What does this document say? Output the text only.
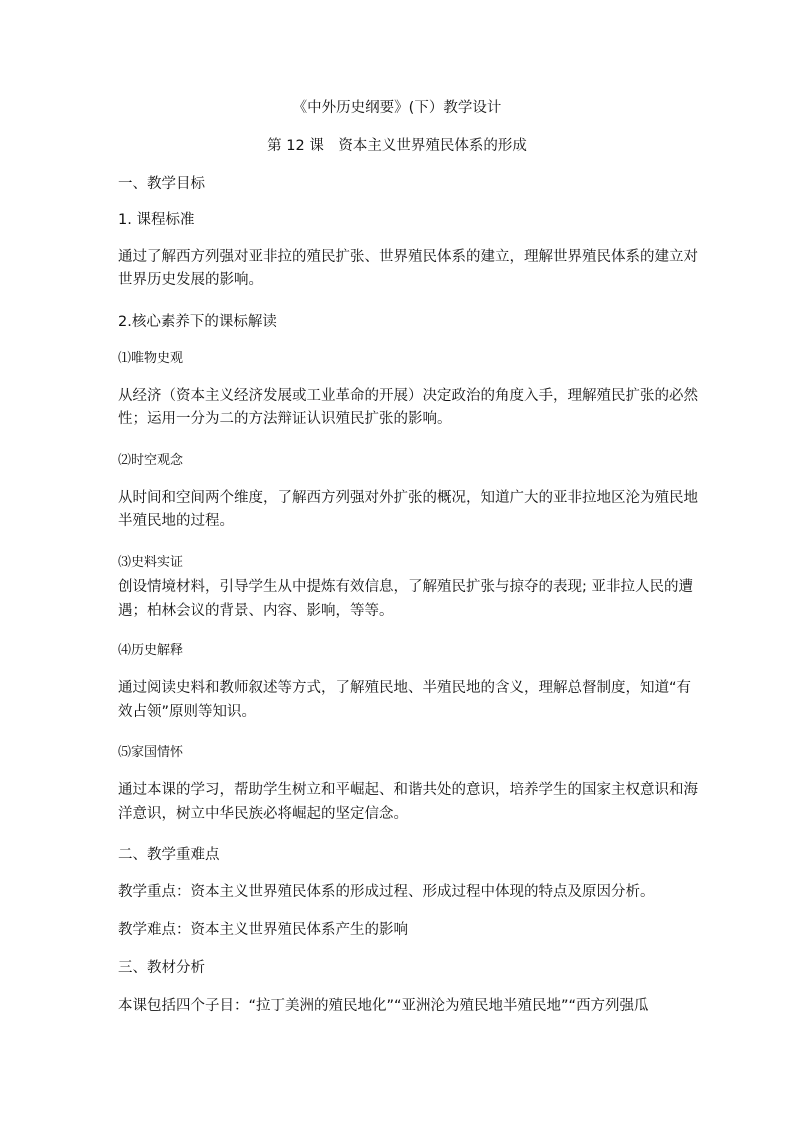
《中外历史纲要》(下）教学设计
第 12 课　资本主义世界殖民体系的形成
一、教学目标
1. 课程标准
通过了解西方列强对亚非拉的殖民扩张、世界殖民体系的建立，理解世界殖民体系的建立对
世界历史发展的影响。
2.核心素养下的课标解读
⑴唯物史观
从经济（资本主义经济发展或工业革命的开展）决定政治的角度入手，理解殖民扩张的必然
性；运用一分为二的方法辩证认识殖民扩张的影响。
⑵时空观念
从时间和空间两个维度，了解西方列强对外扩张的概况，知道广大的亚非拉地区沦为殖民地
半殖民地的过程。
⑶史料实证
创设情境材料，引导学生从中提炼有效信息，了解殖民扩张与掠夺的表现; 亚非拉人民的遭
遇；柏林会议的背景、内容、影响，等等。
⑷历史解释
通过阅读史料和教师叙述等方式，了解殖民地、半殖民地的含义，理解总督制度，知道“有
效占领”原则等知识。
⑸家国情怀
通过本课的学习，帮助学生树立和平崛起、和谐共处的意识，培养学生的国家主权意识和海
洋意识，树立中华民族必将崛起的坚定信念。
二、教学重难点
教学重点：资本主义世界殖民体系的形成过程、形成过程中体现的特点及原因分析。
教学难点：资本主义世界殖民体系产生的影响
三、教材分析
本课包括四个子目：“拉丁美洲的殖民地化”“亚洲沦为殖民地半殖民地”“西方列强瓜
